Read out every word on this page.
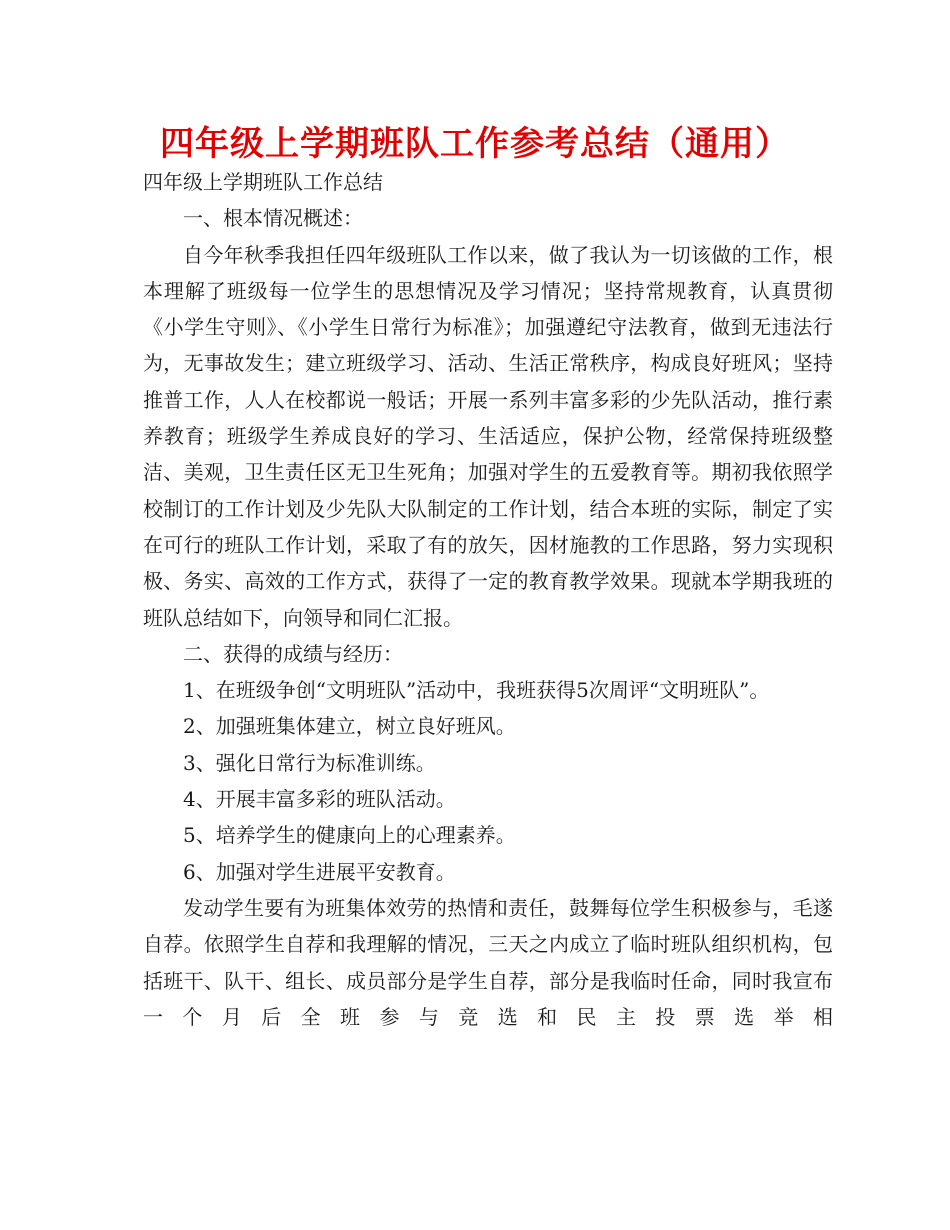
四年级上学期班队工作参考总结（通用）

四年级上学期班队工作总结

一、根本情况概述：

自今年秋季我担任四年级班队工作以来，做了我认为一切该做的工作，根本理解了班级每一位学生的思想情况及学习情况；坚持常规教育，认真贯彻《小学生守则》、《小学生日常行为标准》；加强遵纪守法教育，做到无违法行为，无事故发生；建立班级学习、活动、生活正常秩序，构成良好班风；坚持推普工作，人人在校都说一般话；开展一系列丰富多彩的少先队活动，推行素养教育；班级学生养成良好的学习、生活适应，保护公物，经常保持班级整洁、美观，卫生责任区无卫生死角；加强对学生的五爱教育等。期初我依照学校制订的工作计划及少先队大队制定的工作计划，结合本班的实际，制定了实在可行的班队工作计划，采取了有的放矢，因材施教的工作思路，努力实现积极、务实、高效的工作方式，获得了一定的教育教学效果。现就本学期我班的班队总结如下，向领导和同仁汇报。

二、获得的成绩与经历：

1、在班级争创“文明班队”活动中，我班获得5次周评“文明班队”。

2、加强班集体建立，树立良好班风。

3、强化日常行为标准训练。

4、开展丰富多彩的班队活动。

5、培养学生的健康向上的心理素养。

6、加强对学生进展平安教育。

发动学生要有为班集体效劳的热情和责任，鼓舞每位学生积极参与，毛遂自荐。依照学生自荐和我理解的情况，三天之内成立了临时班队组织机构，包括班干、队干、组长、成员部分是学生自荐，部分是我临时任命，同时我宣布一个月后全班参与竞选和民主投票选举相
